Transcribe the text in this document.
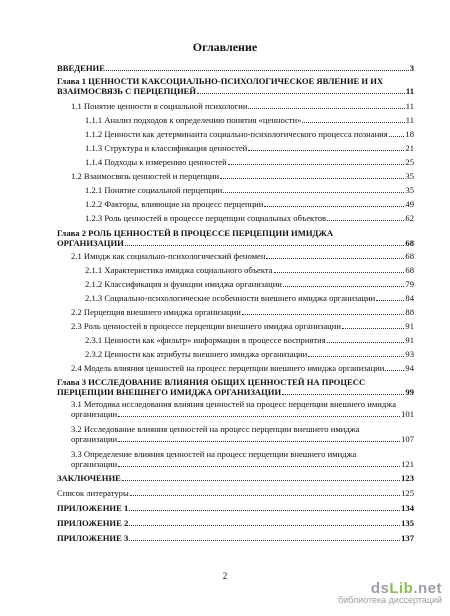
Оглавление
ВВЕДЕНИЕ	3
Глава 1 ЦЕННОСТИ КАКСОЦИАЛЬНО-ПСИХОЛОГИЧЕСКОЕ ЯВЛЕНИЕ И ИХ
ВЗАИМОСВЯЗЬ С ПЕРЦЕПЦИЕЙ	11
1.1 Понятие ценности в социальной психологии	11
1.1.1 Анализ подходов к определению понятия «ценности»	11
1.1.2 Ценности как детерминанта социально-психологического процесса познания 18
1.1.3 Структура и классификация ценностей	21
1.1.4 Подходы к измерению ценностей	25
1.2 Взаимосвязь ценностей и перцепции	35
1.2.1 Понятие социальной перцепции	35
1.2.2 Факторы, влияющие на процесс перцепции	49
1.2.3 Роль ценностей в процессе перцепции социальных объектов	62
Глава 2 РОЛЬ ЦЕННОСТЕЙ В ПРОЦЕССЕ ПЕРЦЕПЦИИ ИМИДЖА
ОРГАНИЗАЦИИ	68
2.1 Имидж как социально-психологический феномен	68
2.1.1 Характеристика имиджа социального объекта	68
2.1.2 Классификация и функции имиджа организации	79
2.1.3 Социально-психологические особенности внешнего имиджа организации	84
2.2 Перцепция внешнего имиджа организации	88
2.3 Роль ценностей в процессе перцепции внешнего имиджа организации	91
2.3.1 Ценности как «фильтр» информации в процессе восприятия	91
2.3.2 Ценности как атрибуты внешнего имиджа организации	93
2.4 Модель влияния ценностей на процесс перцепции внешнего имиджа организации 94
Глава 3 ИССЛЕДОВАНИЕ ВЛИЯНИЯ ОБЩИХ ЦЕННОСТЕЙ НА ПРОЦЕСС
ПЕРЦЕПЦИИ ВНЕШНЕГО ИМИДЖА ОРГАНИЗАЦИИ	99
3.1 Методика исследования влияния ценностей на процесс перцепции внешнего имиджа
организации	101
3.2 Исследование влияния ценностей на процесс перцепции внешнего имиджа
организации	107
3.3 Определение влияния ценностей на процесс перцепции внешнего имиджа
организации	121
ЗАКЛЮЧЕНИЕ	123
Список литературы	125
ПРИЛОЖЕНИЕ 1	134
ПРИЛОЖЕНИЕ 2	135
ПРИЛОЖЕНИЕ 3	137
2
dsLib.net
библиотека диссертаций
